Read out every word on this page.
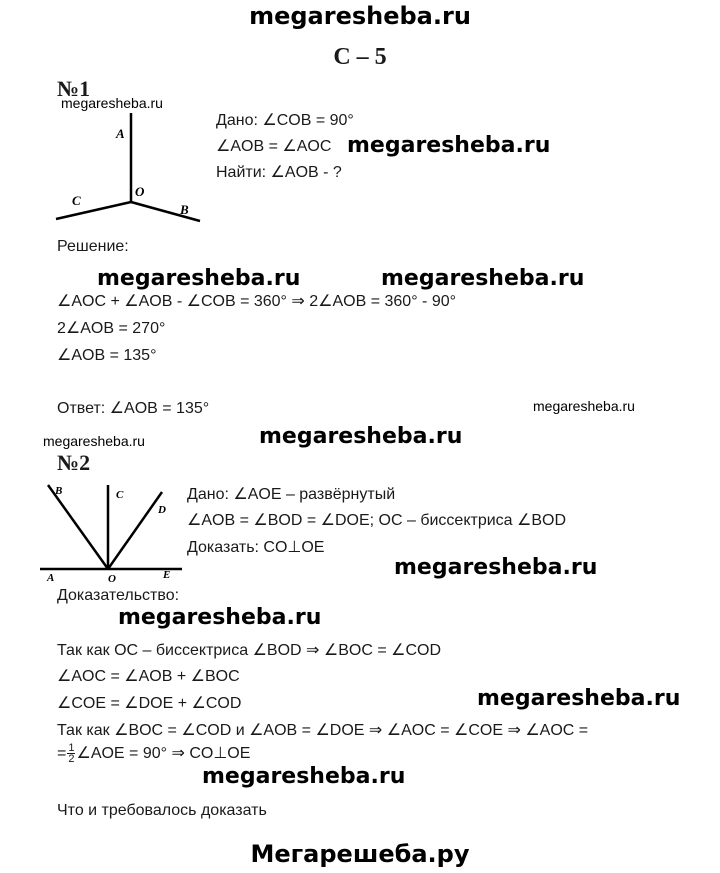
megaresheba.ru
С – 5
№1
megaresheba.ru
A
O
C
B
Дано: ∠COB = 90°
∠AOB = ∠AOC megaresheba.ru
Найти: ∠AOB - ?
Решение:
megaresheba.ru	megaresheba.ru
∠AOC + ∠AOB - ∠COB = 360° ⇒ 2∠AOB = 360° - 90°
2∠AOB = 270°
∠AOB = 135°
Ответ: ∠AOB = 135°	megaresheba.ru
megaresheba.ru	megaresheba.ru
№2
B	C
D
A	O	E
Дано: ∠AOE – развёрнутый
∠AOB = ∠BOD = ∠DOE; OC – биссектриса ∠BOD
Доказать: CO⊥OE
megaresheba.ru
Доказательство:
megaresheba.ru
Так как OC – биссектриса ∠BOD ⇒ ∠BOC = ∠COD
∠AOC = ∠AOB + ∠BOC
∠COE = ∠DOE + ∠COD	megaresheba.ru
Так как ∠BOC = ∠COD и ∠AOB = ∠DOE ⇒ ∠AOC = ∠COE ⇒ ∠AOC =
= $\frac{1}{2}$ ∠AOE = 90° ⇒ CO⊥OE
megaresheba.ru
Что и требовалось доказать
Мегарешеба.ру
